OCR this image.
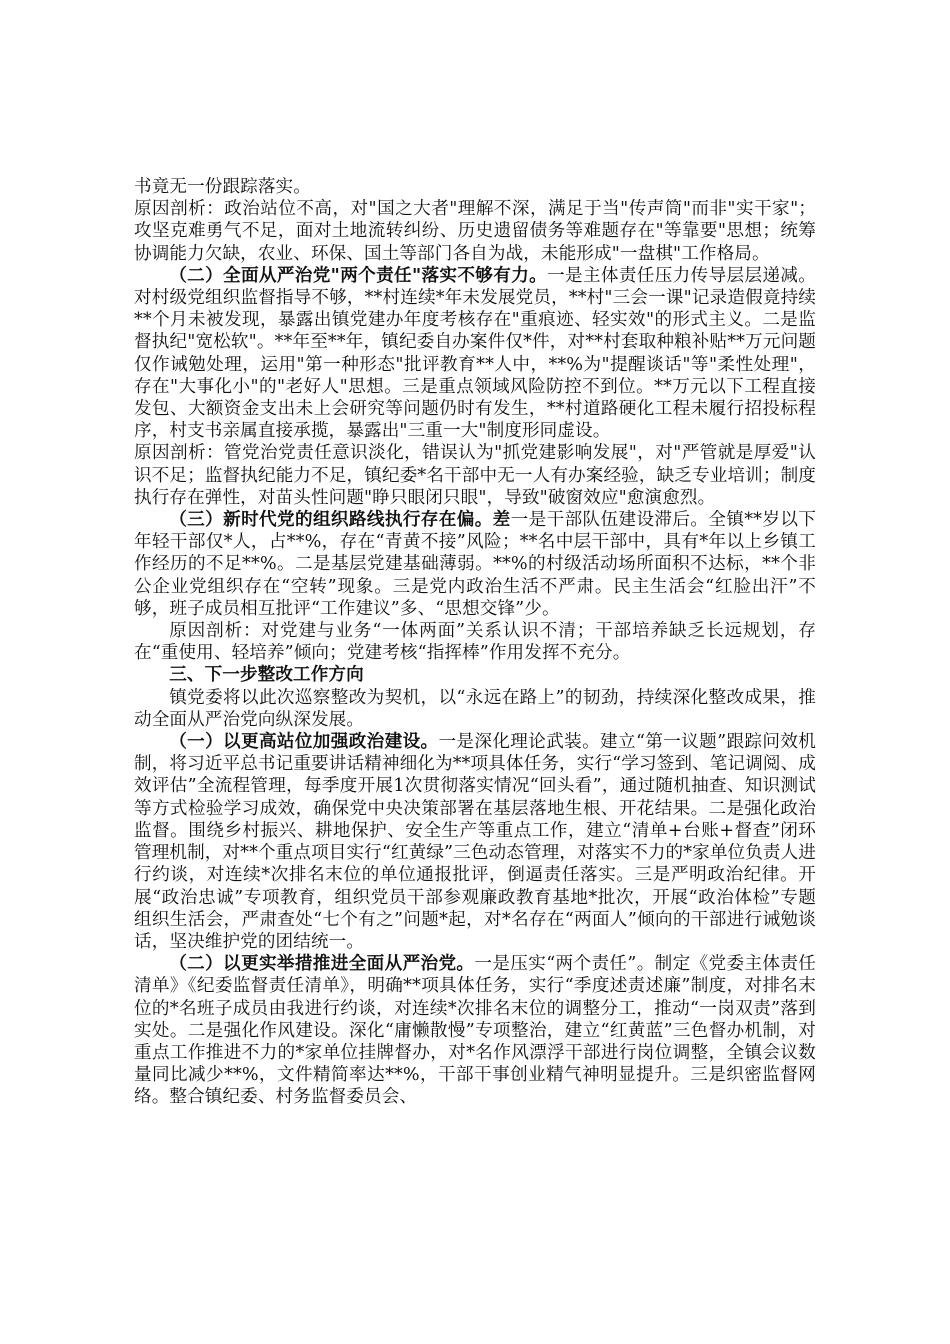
书竟无一份跟踪落实。

原因剖析：政治站位不高，对"国之大者"理解不深，满足于当"传声筒"而非"实干家"；攻坚克难勇气不足，面对土地流转纠纷、历史遗留债务等难题存在"等靠要"思想；统筹协调能力欠缺，农业、环保、国土等部门各自为战，未能形成"一盘棋"工作格局。

（二）全面从严治党"两个责任"落实不够有力。一是主体责任压力传导层层递减。对村级党组织监督指导不够，**村连续*年未发展党员，**村"三会一课"记录造假竟持续**个月未被发现，暴露出镇党建办年度考核存在"重痕迹、轻实效"的形式主义。二是监督执纪"宽松软"。**年至**年，镇纪委自办案件仅*件，对**村套取种粮补贴**万元问题仅作诫勉处理，运用"第一种形态"批评教育**人中，**%为"提醒谈话"等"柔性处理"，存在"大事化小"的"老好人"思想。三是重点领域风险防控不到位。**万元以下工程直接发包、大额资金支出未上会研究等问题仍时有发生，**村道路硬化工程未履行招投标程序，村支书亲属直接承揽，暴露出"三重一大"制度形同虚设。

原因剖析：管党治党责任意识淡化，错误认为"抓党建影响发展"，对"严管就是厚爱"认识不足；监督执纪能力不足，镇纪委*名干部中无一人有办案经验，缺乏专业培训；制度执行存在弹性，对苗头性问题"睁只眼闭只眼"，导致"破窗效应"愈演愈烈。

（三）新时代党的组织路线执行存在偏。差一是干部队伍建设滞后。全镇**岁以下年轻干部仅*人，占**%，存在“青黄不接”风险；**名中层干部中，具有*年以上乡镇工作经历的不足**%。二是基层党建基础薄弱。**%的村级活动场所面积不达标，**个非公企业党组织存在“空转”现象。三是党内政治生活不严肃。民主生活会“红脸出汗”不够，班子成员相互批评“工作建议”多、“思想交锋”少。

原因剖析：对党建与业务“一体两面”关系认识不清；干部培养缺乏长远规划，存在“重使用、轻培养”倾向；党建考核“指挥棒”作用发挥不充分。

三、下一步整改工作方向

镇党委将以此次巡察整改为契机，以“永远在路上”的韧劲，持续深化整改成果，推动全面从严治党向纵深发展。

（一）以更高站位加强政治建设。一是深化理论武装。建立“第一议题”跟踪问效机制，将习近平总书记重要讲话精神细化为**项具体任务，实行“学习签到、笔记调阅、成效评估”全流程管理，每季度开展1次贯彻落实情况“回头看”，通过随机抽查、知识测试等方式检验学习成效，确保党中央决策部署在基层落地生根、开花结果。二是强化政治监督。围绕乡村振兴、耕地保护、安全生产等重点工作，建立“清单+台账+督查”闭环管理机制，对**个重点项目实行“红黄绿”三色动态管理，对落实不力的*家单位负责人进行约谈，对连续*次排名末位的单位通报批评，倒逼责任落实。三是严明政治纪律。开展“政治忠诚”专项教育，组织党员干部参观廉政教育基地*批次，开展“政治体检”专题组织生活会，严肃查处“七个有之”问题*起，对*名存在“两面人”倾向的干部进行诫勉谈话，坚决维护党的团结统一。

（二）以更实举措推进全面从严治党。一是压实“两个责任”。制定《党委主体责任清单》《纪委监督责任清单》，明确**项具体任务，实行“季度述责述廉”制度，对排名末位的*名班子成员由我进行约谈，对连续*次排名末位的调整分工，推动“一岗双责”落到实处。二是强化作风建设。深化“庸懒散慢”专项整治，建立“红黄蓝”三色督办机制，对重点工作推进不力的*家单位挂牌督办，对*名作风漂浮干部进行岗位调整，全镇会议数量同比减少**%，文件精简率达**%，干部干事创业精气神明显提升。三是织密监督网络。整合镇纪委、村务监督委员会、
